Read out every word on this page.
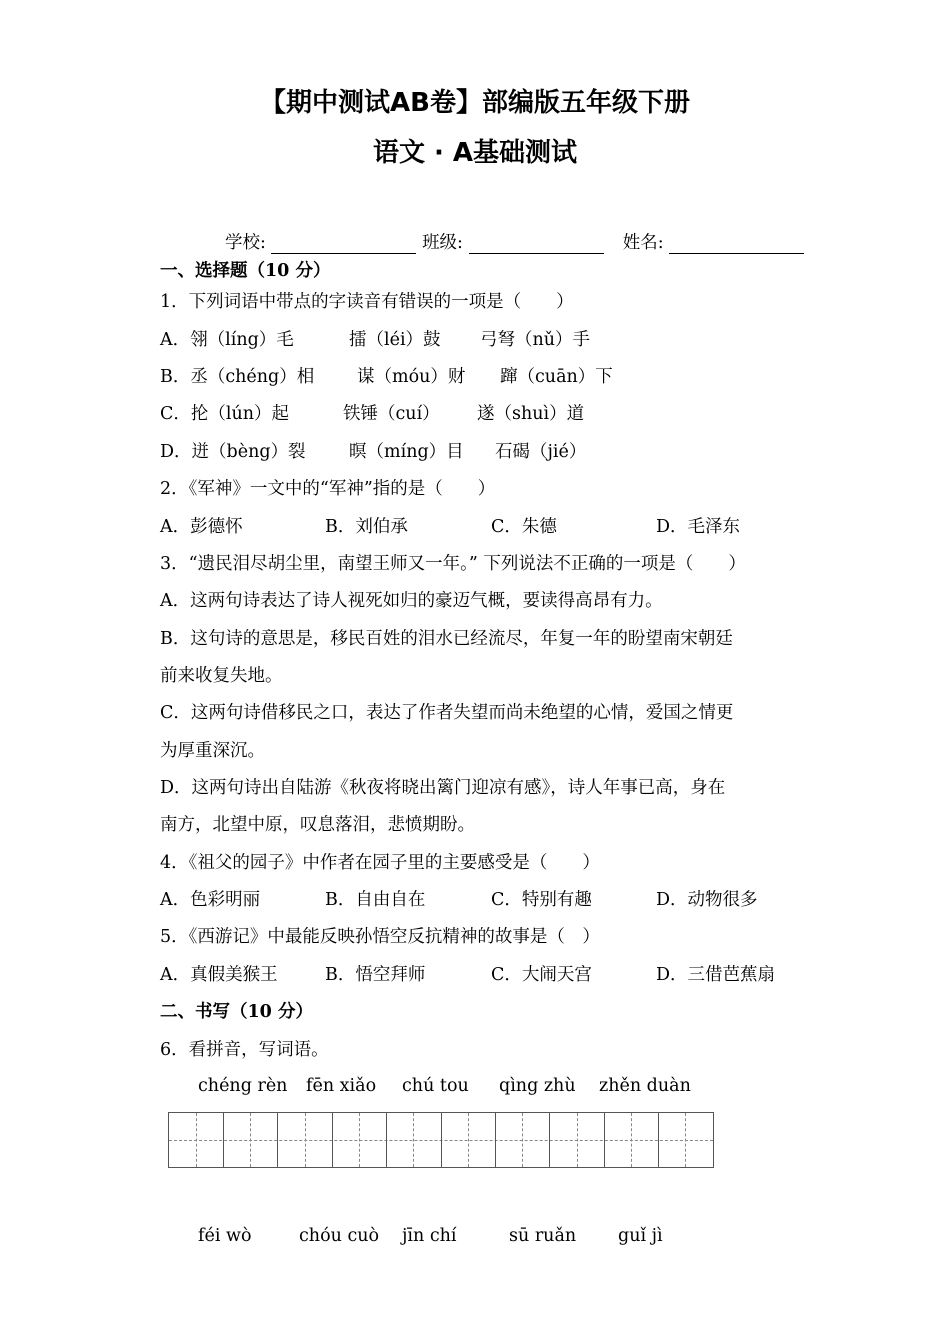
【期中测试AB卷】部编版五年级下册
语文 · A基础测试
学校:	班级:	姓名:
一、选择题（10 分）
1．下列词语中带点的字读音有错误的一项是（　　）
A．翎（líng）毛	擂（léi）鼓 弓弩（nǔ）手
B．丞（chéng）相 谋（móu）财 蹿（cuān）下
C．抡（lún）起	铁锤（cuí） 遂（shuì）道
D．迸（bèng）裂 暝（míng）目 石碣（jié）
2．《军神》一文中的“军神”指的是（　　）
A．彭德怀	B．刘伯承	C．朱德	D．毛泽东
3．“遗民泪尽胡尘里，南望王师又一年。” 下列说法不正确的一项是（　　）
A．这两句诗表达了诗人视死如归的豪迈气概，要读得高昂有力。
B．这句诗的意思是，移民百姓的泪水已经流尽，年复一年的盼望南宋朝廷
前来收复失地。
C．这两句诗借移民之口，表达了作者失望而尚未绝望的心情，爱国之情更
为厚重深沉。
D．这两句诗出自陆游《秋夜将晓出篱门迎凉有感》，诗人年事已高，身在
南方，北望中原，叹息落泪，悲愤期盼。
4．《祖父的园子》中作者在园子里的主要感受是（　　）
A．色彩明丽	B．自由自在	C．特别有趣	D．动物很多
5．《西游记》中最能反映孙悟空反抗精神的故事是（　）
A．真假美猴王	B．悟空拜师	C．大闹天宫	D．三借芭蕉扇
二、书写（10 分）
6．看拼音，写词语。
chéng rèn fēn xiǎo chú tou qìng zhù zhěn duàn
féi wò	chóu cuò jīn chí	sū ruǎn guǐ jì
